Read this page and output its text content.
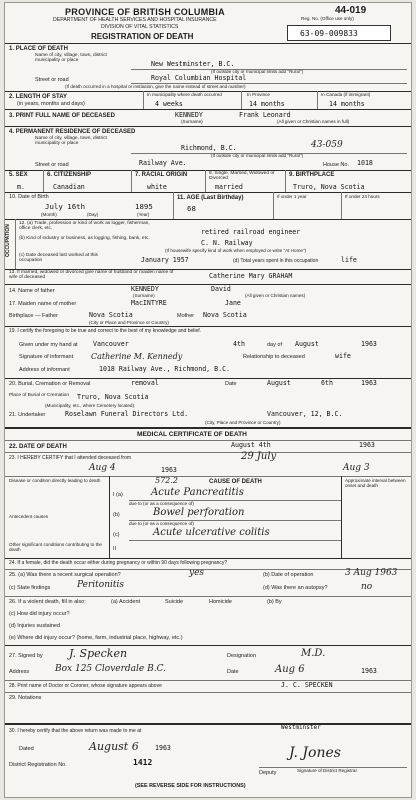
44-019
PROVINCE OF BRITISH COLUMBIA
DEPARTMENT OF HEALTH SERVICES AND HOSPITAL INSURANCE
DIVISION OF VITAL STATISTICS
REGISTRATION OF DEATH
Reg. No. (Office use only)
63-09-009833
1. PLACE OF DEATH
Name of city, village, town, district municipality or place	New Westminster, B.C.
(If outside city or municipal limits add "Rural")
Street or road	Royal Columbian Hospital
(If death occurred in a hospital or institution, give the name instead of street and number)
2. LENGTH OF STAY
(in years, months and days)
In municipality where death occurred
4 weeks
In Province
14 months
In Canada (if immigrant)
14 months
3. PRINT FULL NAME OF DECEASED	KENNEDY	Frank Leonard
(Surname)	(All given or Christian names in full)
4. PERMANENT RESIDENCE OF DECEASED
Name of city, village, town, district municipality or place
Richmond, B.C.	43-059
(If outside city or municipal limits add "Rural")
Street or road	Railway Ave.	House No. 1018
5. SEX
m.
6. CITIZENSHIP
Canadian
7. RACIAL ORIGIN
white
8. Single, Married, Widowed or Divorced
married
9. BIRTHPLACE
Truro, Nova Scotia
10. Date of Birth
July 16th	1895
(Month)	(Day)	(Year)
11. AGE (Last Birthday)
68
If under 1 year	If under 24 hours
OCCUPATION
12. (a) Trade, profession or kind of work as logger, fisherman, office clerk, etc.	retired railroad engineer
(b) Kind of industry or business, as logging, fishing, bank, etc.
C. N. Railway
(If housewife specify kind of work when employed or write "At Home")
(c) Date deceased last worked at this occupation	January 1957	(d) Total years spent in this occupation	life
13. If married, widowed or divorced give name of husband or maiden name of wife of deceased	Catherine Mary GRAHAM
14. Name of father	KENNEDY	David
(Surname)	(All given or Christian names)
17. Maiden name of mother	MacINTYRE	Jane
Birthplace — Father	Nova Scotia	Mother Nova Scotia
(City or Place and Province or Country)
19. I certify the foregoing to be true and correct to the best of my knowledge and belief.
Given under my hand at Vancouver	4th	day of August	1963
Signature of informant Catherine M. Kennedy	Relationship to deceased	wife
Address of informant	1018 Railway Ave., Richmond, B.C.
20. Burial, Cremation or Removal	removal	Date	August	6th	1963
Place of Burial or Cremation	Truro, Nova Scotia
(Municipality, etc., where Cemetery located)
21. Undertaker	Roselawn Funeral Directors Ltd.	Vancouver, 12, B.C.
(City, Place and Province or Country)
MEDICAL CERTIFICATE OF DEATH
22. DATE OF DEATH	August 4th	1963
23. I HEREBY CERTIFY that I attended deceased from	29 July
Aug 4	1963	Aug 3
Disease or condition directly leading to death
Antecedent causes
Other significant conditions contributing to the death
CAUSE OF DEATH	Approximate interval between onset and death
572.2
I (a)	Acute Pancreatitis
due to (or as a consequence of)
(b)	Bowel perforation
due to (or as a consequence of)
(c)	Acute ulcerative colitis
II
24. If a female, did the death occur either during pregnancy or within 90 days following pregnancy?
25. (a) Was there a recent surgical operation?	yes	(b) Date of operation	3 Aug 1963
(c) State findings	Peritonitis	(d) Was there an autopsy?	no
26. If a violent death, fill in also:	(a) Accident	Suicide	Homicide	(b) By
(c) How did injury occur?
(d) Injuries sustained
(e) Where did injury occur? (home, farm, industrial place, highway, etc.)
27. Signed by J. Specken	Designation	M.D.
Address	Box 125 Cloverdale B.C.	Date	Aug 6	1963
28. Print name of Doctor or Coroner, whose signature appears above	J. C. SPECKEN
29. Notations
30. I hereby certify that the above return was made to me at	Westminster
Dated	August 6 1963
District Registration No.	1412
Deputy
J. Jones
Signature of District Registrar
(SEE REVERSE SIDE FOR INSTRUCTIONS)
